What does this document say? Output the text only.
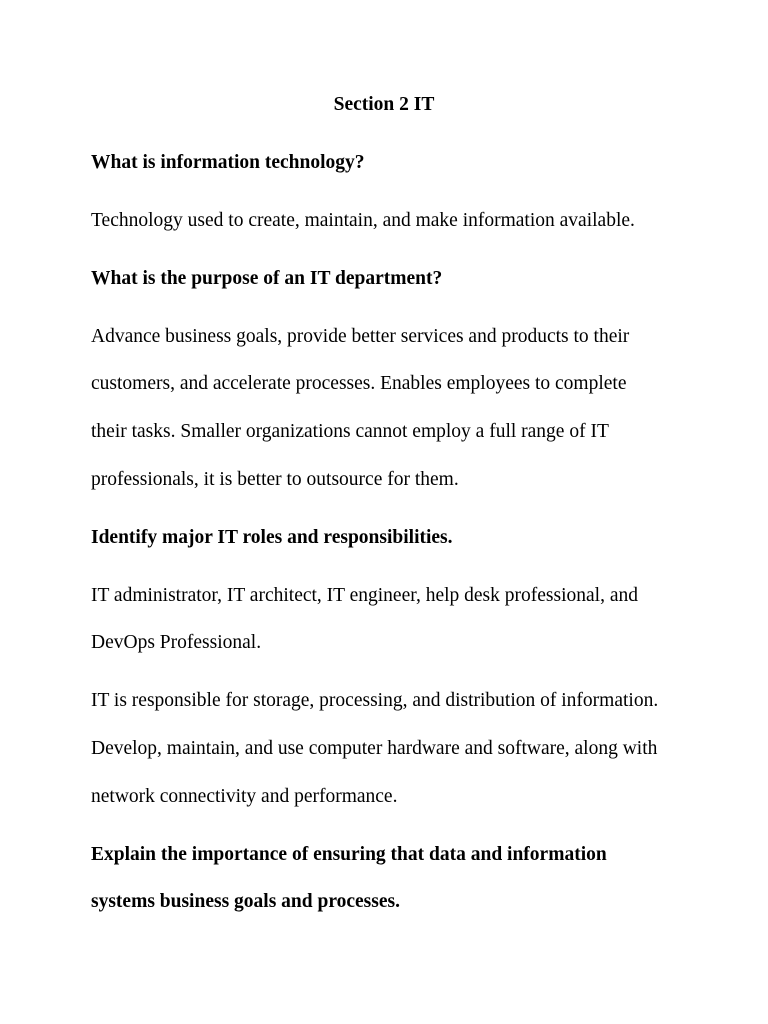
Section 2 IT
What is information technology?
Technology used to create, maintain, and make information available.
What is the purpose of an IT department?
Advance business goals, provide better services and products to their
customers, and accelerate processes. Enables employees to complete
their tasks. Smaller organizations cannot employ a full range of IT
professionals, it is better to outsource for them.
Identify major IT roles and responsibilities.
IT administrator, IT architect, IT engineer, help desk professional, and
DevOps Professional.
IT is responsible for storage, processing, and distribution of information.
Develop, maintain, and use computer hardware and software, along with
network connectivity and performance.
Explain the importance of ensuring that data and information
systems business goals and processes.
